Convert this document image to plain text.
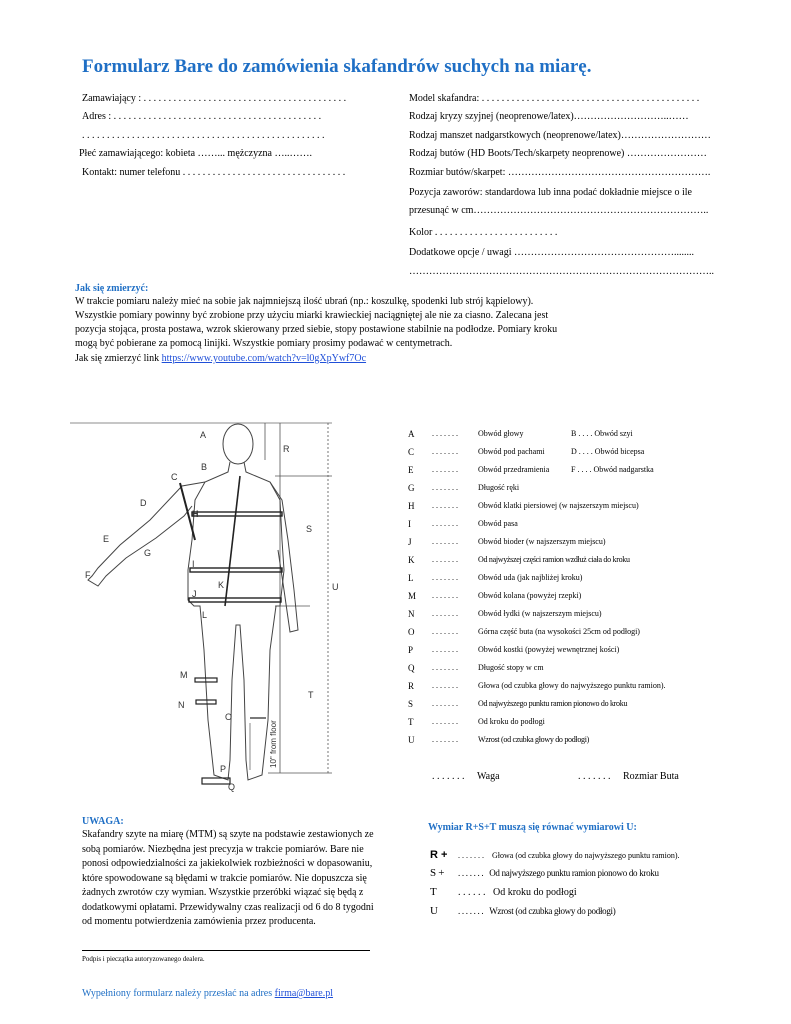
Formularz Bare do zamówienia skafandrów suchych na miarę.
Zamawiający : . . . . . . . . . . . . . . . . . . . . . . . . . . . . . . . . . . . . . . . . .
Adres : . . . . . . . . . . . . . . . . . . . . . . . . . . . . . . . . . . . . . . . . . .
. . . . . . . . . . . . . . . . . . . . . . . . . . . . . . . . . . . . . . . . . . . . . . . . .
Płeć zamawiającego: kobieta ……... mężczyzna …..…….
Kontakt: numer telefonu . . . . . . . . . . . . . . . . . . . . . . . . . . . . . . . . .
Model skafandra: . . . . . . . . . . . . . . . . . . . . . . . . . . . . . . . . . . . . . . . . . . . .
Rodzaj kryzy szyjnej (neoprenowe/latex)………………………..……
Rodzaj manszet nadgarstkowych (neoprenowe/latex)………………………
Rodzaj butów (HD Boots/Tech/skarpety neoprenowe) ……………………
Rozmiar butów/skarpet: …………………………………………………….
Pozycja zaworów: standardowa lub inna podać dokładnie miejsce o ile
przesunąć w cm……………………………………………………………..
Kolor . . . . . . . . . . . . . . . . . . . . . . . . .
Dodatkowe opcje / uwagi …………………………………………........
………………………………………………………………………………..
Jak się zmierzyć:
W trakcie pomiaru należy mieć na sobie jak najmniejszą ilość ubrań (np.: koszulkę, spodenki lub strój kąpielowy).
Wszystkie pomiary powinny być zrobione przy użyciu miarki krawieckiej naciągniętej ale nie za ciasno. Zalecana jest
pozycja stojąca, prosta postawa, wzrok skierowany przed siebie, stopy postawione stabilnie na podłodze. Pomiary kroku
mogą być pobierane za pomocą linijki. Wszystkie pomiary prosimy podawać w centymetrach.
Jak się zmierzyć link https://www.youtube.com/watch?v=l0gXpYwf7Oc
A
B
C
D
E
F
G
H
I
J
K
L
M
N
O
P
Q
R
S
T
U
10" from floor
A . . . . . . .	Obwód głowy	B . . . . Obwód szyi
C . . . . . . .	Obwód pod pachami	D . . . . Obwód bicepsa
E . . . . . . .	Obwód przedramienia	F . . . . Obwód nadgarstka
G . . . . . . .	Długość ręki
H . . . . . . .	Obwód klatki piersiowej (w najszerszym miejscu)
I	. . . . . . .	Obwód pasa
J	. . . . . . .	Obwód bioder (w najszerszym miejscu)
K . . . . . . .	Od najwyższej części ramion wzdłuż ciała do kroku
L . . . . . . .	Obwód uda (jak najbliżej kroku)
M . . . . . . .	Obwód kolana (powyżej rzepki)
N . . . . . . .	Obwód łydki (w najszerszym miejscu)
O . . . . . . .	Górna część buta (na wysokości 25cm od podłogi)
P . . . . . . .	Obwód kostki (powyżej wewnętrznej kości)
Q . . . . . . .	Długość stopy w cm
R . . . . . . .	Głowa (od czubka głowy do najwyższego punktu ramion).
S . . . . . . .	Od najwyższego punktu ramion pionowo do kroku
T . . . . . . .	Od kroku do podłogi
U . . . . . . .	Wzrost (od czubka głowy do podłogi)
. . . . . . . Waga	. . . . . . . Rozmiar Buta
UWAGA:
Skafandry szyte na miarę (MTM) są szyte na podstawie zestawionych ze sobą pomiarów. Niezbędna jest precyzja w trakcie pomiarów. Bare nie ponosi odpowiedzialności za jakiekolwiek rozbieżności w dopasowaniu, które spowodowane są błędami w trakcie pomiarów. Nie dopuszcza się żadnych zwrotów czy wymian. Wszystkie przeróbki wiązać się będą z dodatkowymi opłatami. Przewidywalny czas realizacji od 6 do 8 tygodni od momentu potwierdzenia zamówienia przez producenta.
Wymiar R+S+T muszą się równać wymiarowi U:
R + . . . . . . . Głowa (od czubka głowy do najwyższego punktu ramion).
S + . . . . . . . Od najwyższego punktu ramion pionowo do kroku
T . . . . . . Od kroku do podłogi
U . . . . . . . Wzrost (od czubka głowy do podłogi)
Podpis i pieczątka autoryzowanego dealera.
Wypełniony formularz należy przesłać na adres firma@bare.pl
